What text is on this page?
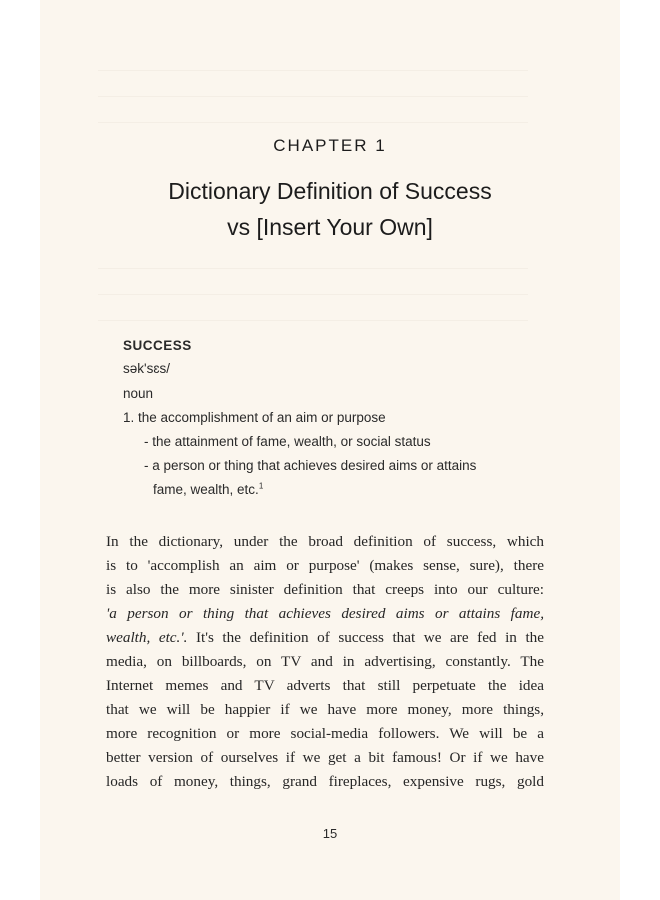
CHAPTER 1
Dictionary Definition of Success
vs [Insert Your Own]
SUCCESS
sək'sɛs/
noun
1. the accomplishment of an aim or purpose
- the attainment of fame, wealth, or social status
- a person or thing that achieves desired aims or attains
fame, wealth, etc.$^1$
In the dictionary, under the broad definition of success, which
is to 'accomplish an aim or purpose' (makes sense, sure), there
is also the more sinister definition that creeps into our culture:
'a person or thing that achieves desired aims or attains fame,
wealth, etc.'. It's the definition of success that we are fed in the
media, on billboards, on TV and in advertising, constantly. The
Internet memes and TV adverts that still perpetuate the idea
that we will be happier if we have more money, more things,
more recognition or more social-media followers. We will be a
better version of ourselves if we get a bit famous! Or if we have
loads of money, things, grand fireplaces, expensive rugs, gold
15
